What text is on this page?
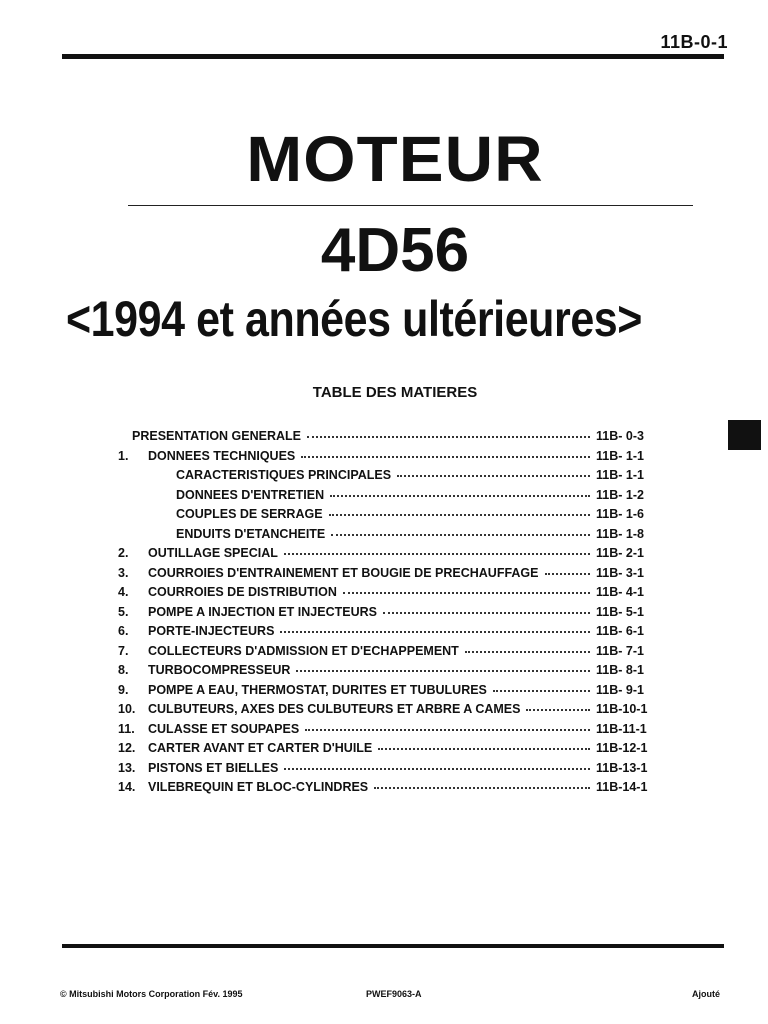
11B-0-1
MOTEUR
4D56
<1994 et années ultérieures>
TABLE DES MATIERES
PRESENTATION GENERALE	11B- 0-3
1.	DONNEES TECHNIQUES	11B- 1-1
CARACTERISTIQUES PRINCIPALES	11B- 1-1
DONNEES D'ENTRETIEN	11B- 1-2
COUPLES DE SERRAGE	11B- 1-6
ENDUITS D'ETANCHEITE	11B- 1-8
2.	OUTILLAGE SPECIAL	11B- 2-1
3.	COURROIES D'ENTRAINEMENT ET BOUGIE DE PRECHAUFFAGE	11B- 3-1
4.	COURROIES DE DISTRIBUTION	11B- 4-1
5.	POMPE A INJECTION ET INJECTEURS	11B- 5-1
6.	PORTE-INJECTEURS	11B- 6-1
7.	COLLECTEURS D'ADMISSION ET D'ECHAPPEMENT	11B- 7-1
8.	TURBOCOMPRESSEUR	11B- 8-1
9.	POMPE A EAU, THERMOSTAT, DURITES ET TUBULURES	11B- 9-1
10.	CULBUTEURS, AXES DES CULBUTEURS ET ARBRE A CAMES	11B-10-1
11.	CULASSE ET SOUPAPES	11B-11-1
12.	CARTER AVANT ET CARTER D'HUILE	11B-12-1
13.	PISTONS ET BIELLES	11B-13-1
14.	VILEBREQUIN ET BLOC-CYLINDRES	11B-14-1
© Mitsubishi Motors Corporation Fév. 1995	PWEF9063-A	Ajouté
